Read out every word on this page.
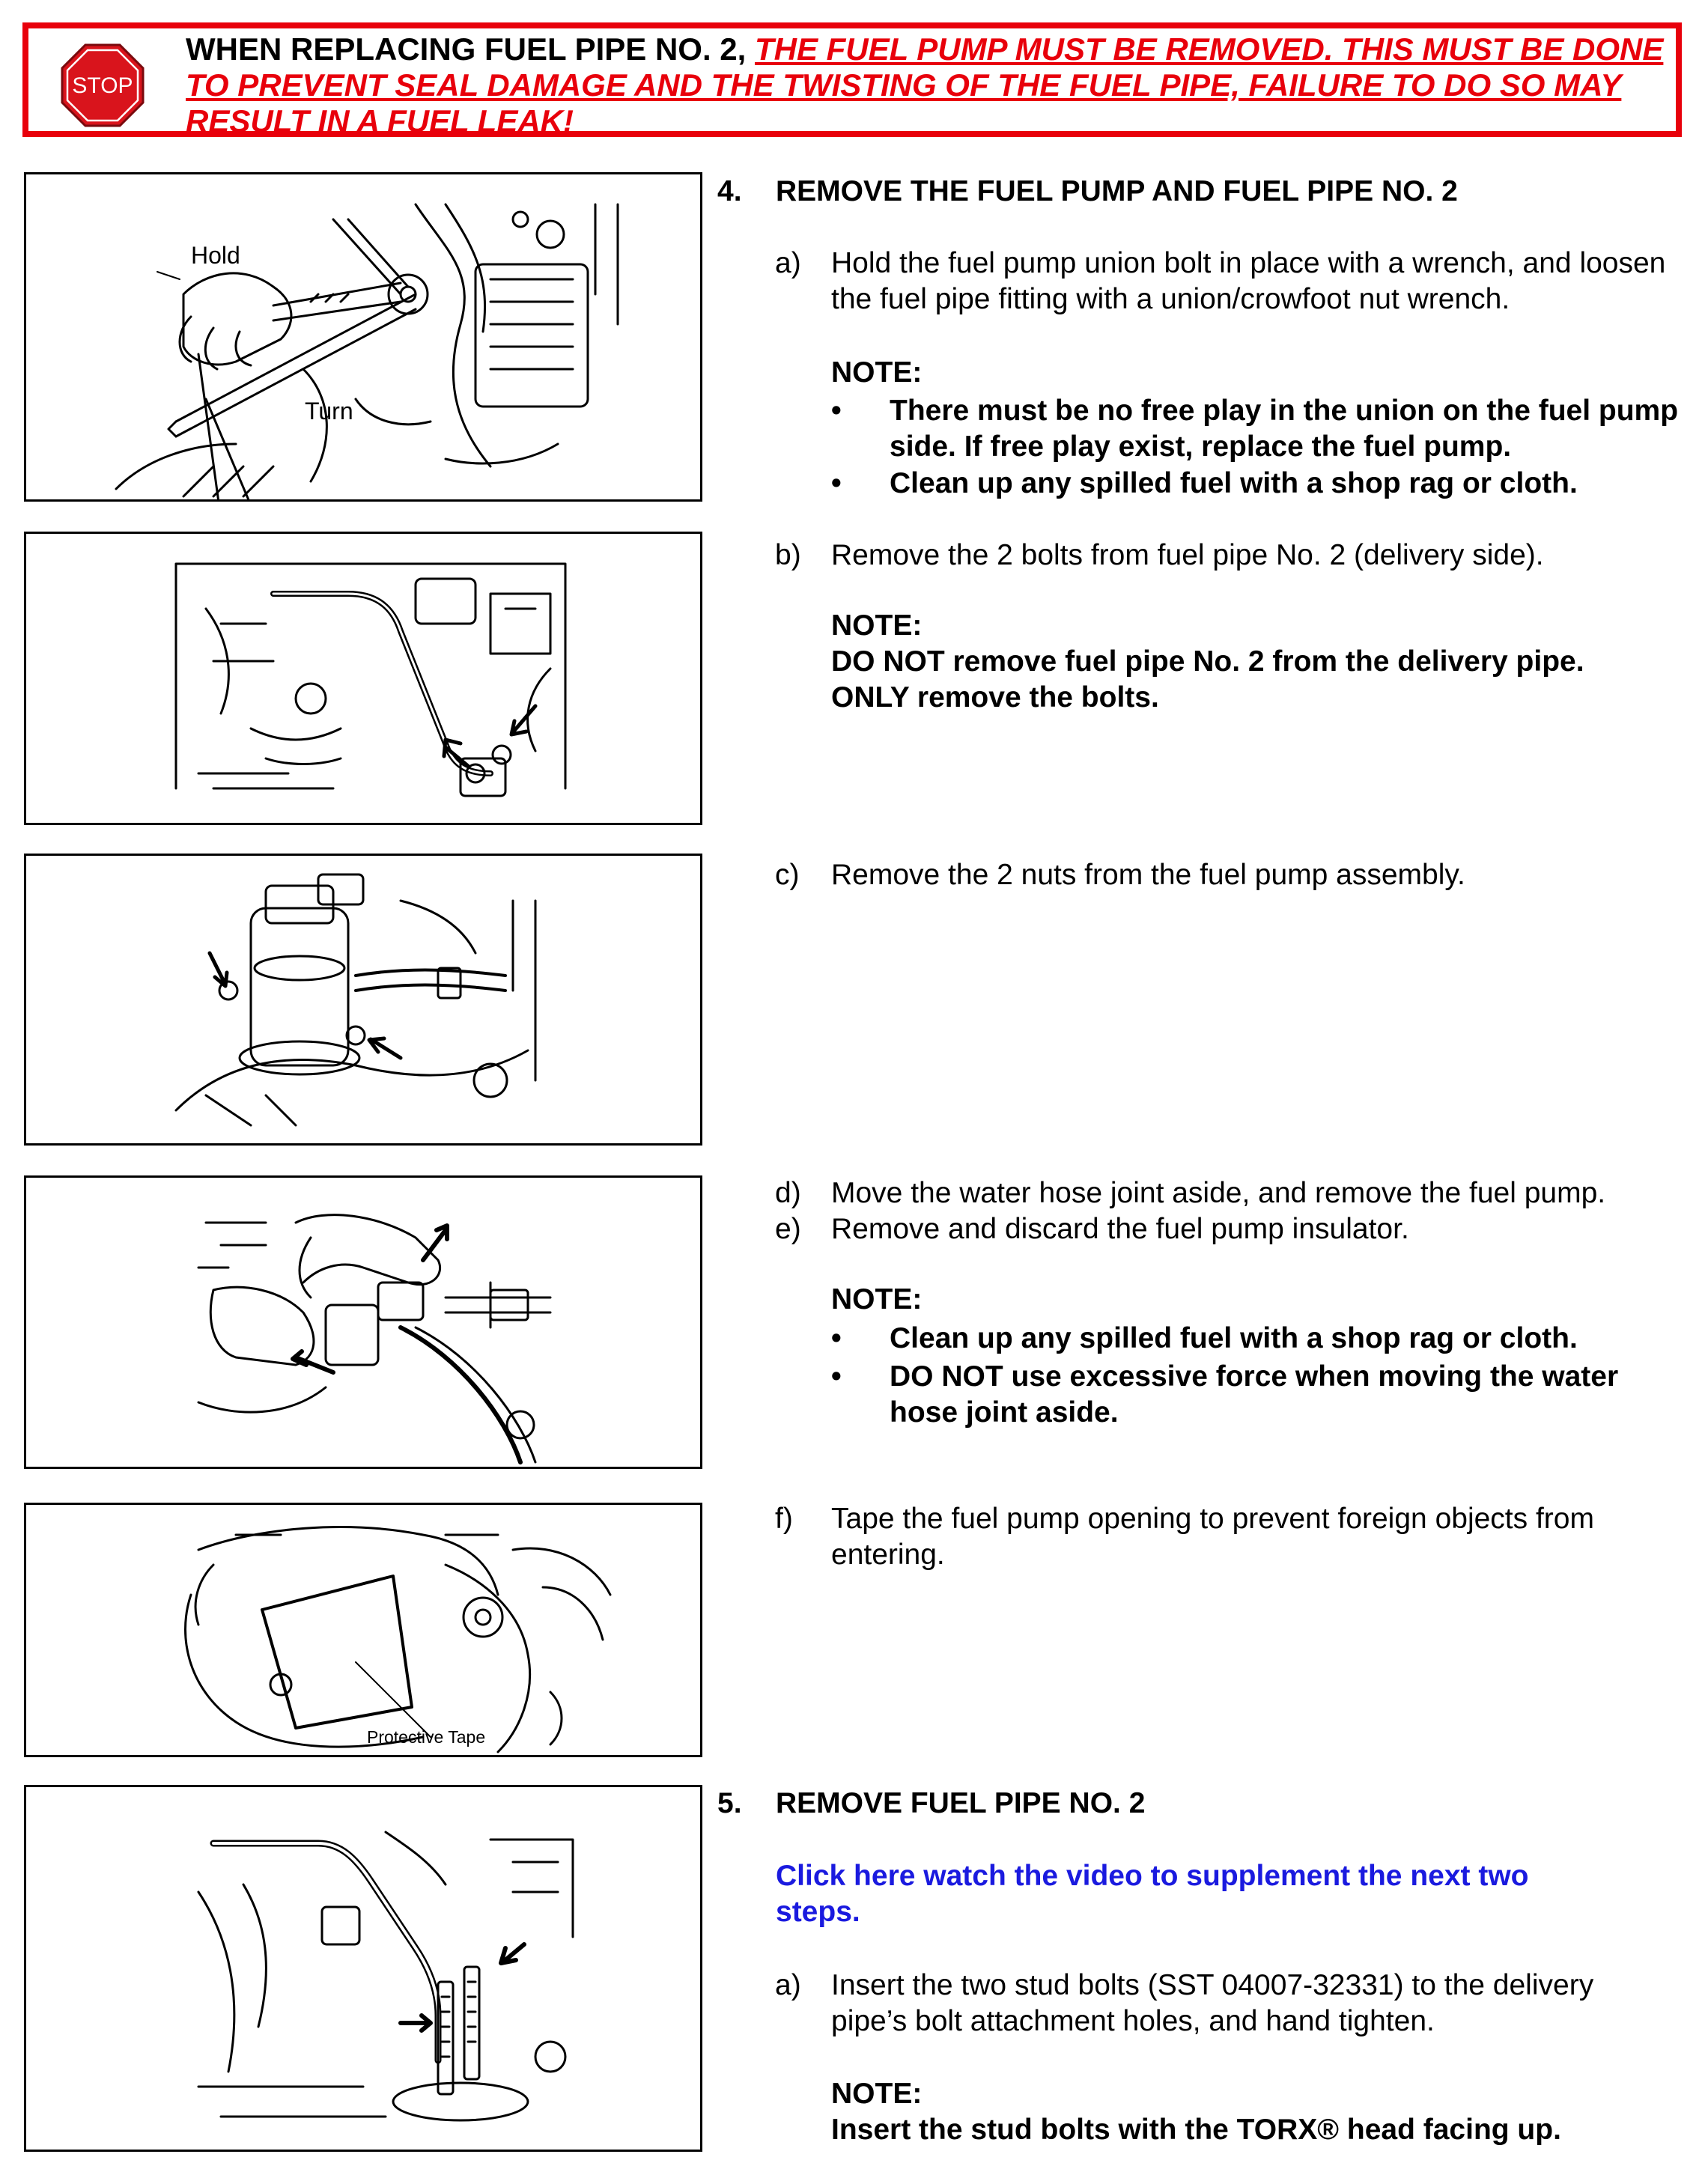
STOP
WHEN REPLACING FUEL PIPE NO. 2, THE FUEL PUMP MUST BE REMOVED. THIS MUST BE DONE TO PREVENT SEAL DAMAGE AND THE TWISTING OF THE FUEL PIPE, FAILURE TO DO SO MAY RESULT IN A FUEL LEAK!
Hold
Turn
Protective Tape
4. REMOVE THE FUEL PUMP AND FUEL PIPE NO. 2
a) Hold the fuel pump union bolt in place with a wrench, and loosen the fuel pipe fitting with a union/crowfoot nut wrench.
NOTE:
• There must be no free play in the union on the fuel pump side. If free play exist, replace the fuel pump.
• Clean up any spilled fuel with a shop rag or cloth.
b) Remove the 2 bolts from fuel pipe No. 2 (delivery side).
NOTE:
DO NOT remove fuel pipe No. 2 from the delivery pipe. ONLY remove the bolts.
c) Remove the 2 nuts from the fuel pump assembly.
d) Move the water hose joint aside, and remove the fuel pump.
e) Remove and discard the fuel pump insulator.
NOTE:
• Clean up any spilled fuel with a shop rag or cloth.
• DO NOT use excessive force when moving the water hose joint aside.
f) Tape the fuel pump opening to prevent foreign objects from entering.
5. REMOVE FUEL PIPE NO. 2
Click here watch the video to supplement the next two steps.
a) Insert the two stud bolts (SST 04007-32331) to the delivery pipe’s bolt attachment holes, and hand tighten.
NOTE:
Insert the stud bolts with the TORX® head facing up.
